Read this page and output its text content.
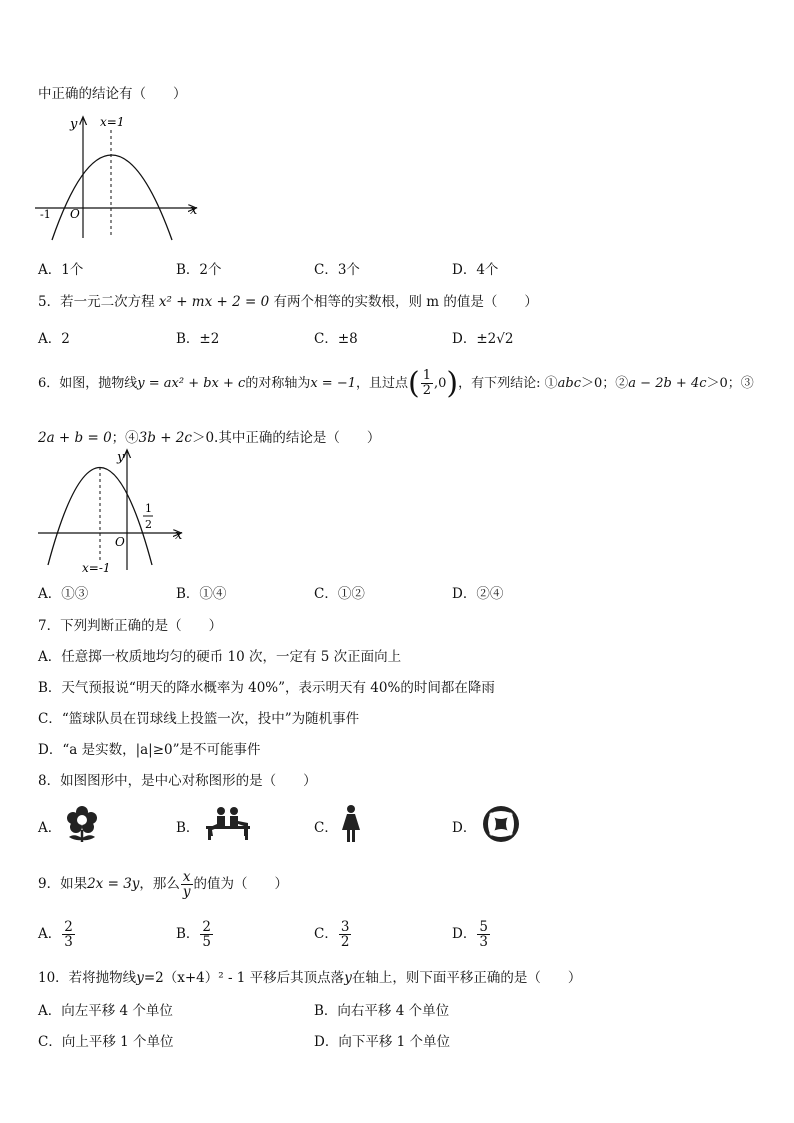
中正确的结论有（　　）
y
x
x=1
O
-1
A．1个	B．2个	C．3个	D．4个
5．若一元二次方程 x² + mx + 2 = 0 有两个相等的实数根，则 m 的值是（　　）
A．2	B．±2	C．±8	D．±2√2
6．如图，抛物线y = ax² + bx + c的对称轴为x = −1，且过点( $\frac{1}{2} ,0$)，有下列结论: ①abc＞0；②a − 2b + 4c＞0；③
2a + b = 0；④3b + 2c＞0.其中正确的结论是（　　）
y
x
O
1
2
x=-1
A．①③	B．①④	C．①②	D．②④
7．下列判断正确的是（　　）
A．任意掷一枚质地均匀的硬币 10 次，一定有 5 次正面向上
B．天气预报说“明天的降水概率为 40%”，表示明天有 40%的时间都在降雨
C．“篮球队员在罚球线上投篮一次，投中”为随机事件
D．“a 是实数，|a|≥0”是不可能事件
8．如图图形中，是中心对称图形的是（　　）
A．	B．	C．	D．
9．如果2x = 3y，那么 $\frac{x}{y}$ 的值为（　　）
A． $\frac{2}{3}$	B． $\frac{2}{5}$	C． $\frac{3}{2}$	D． $\frac{5}{3}$
10．若将抛物线y=2（x+4）² - 1 平移后其顶点落y在轴上，则下面平移正确的是（　　）
A．向左平移 4 个单位	B．向右平移 4 个单位
C．向上平移 1 个单位	D．向下平移 1 个单位
